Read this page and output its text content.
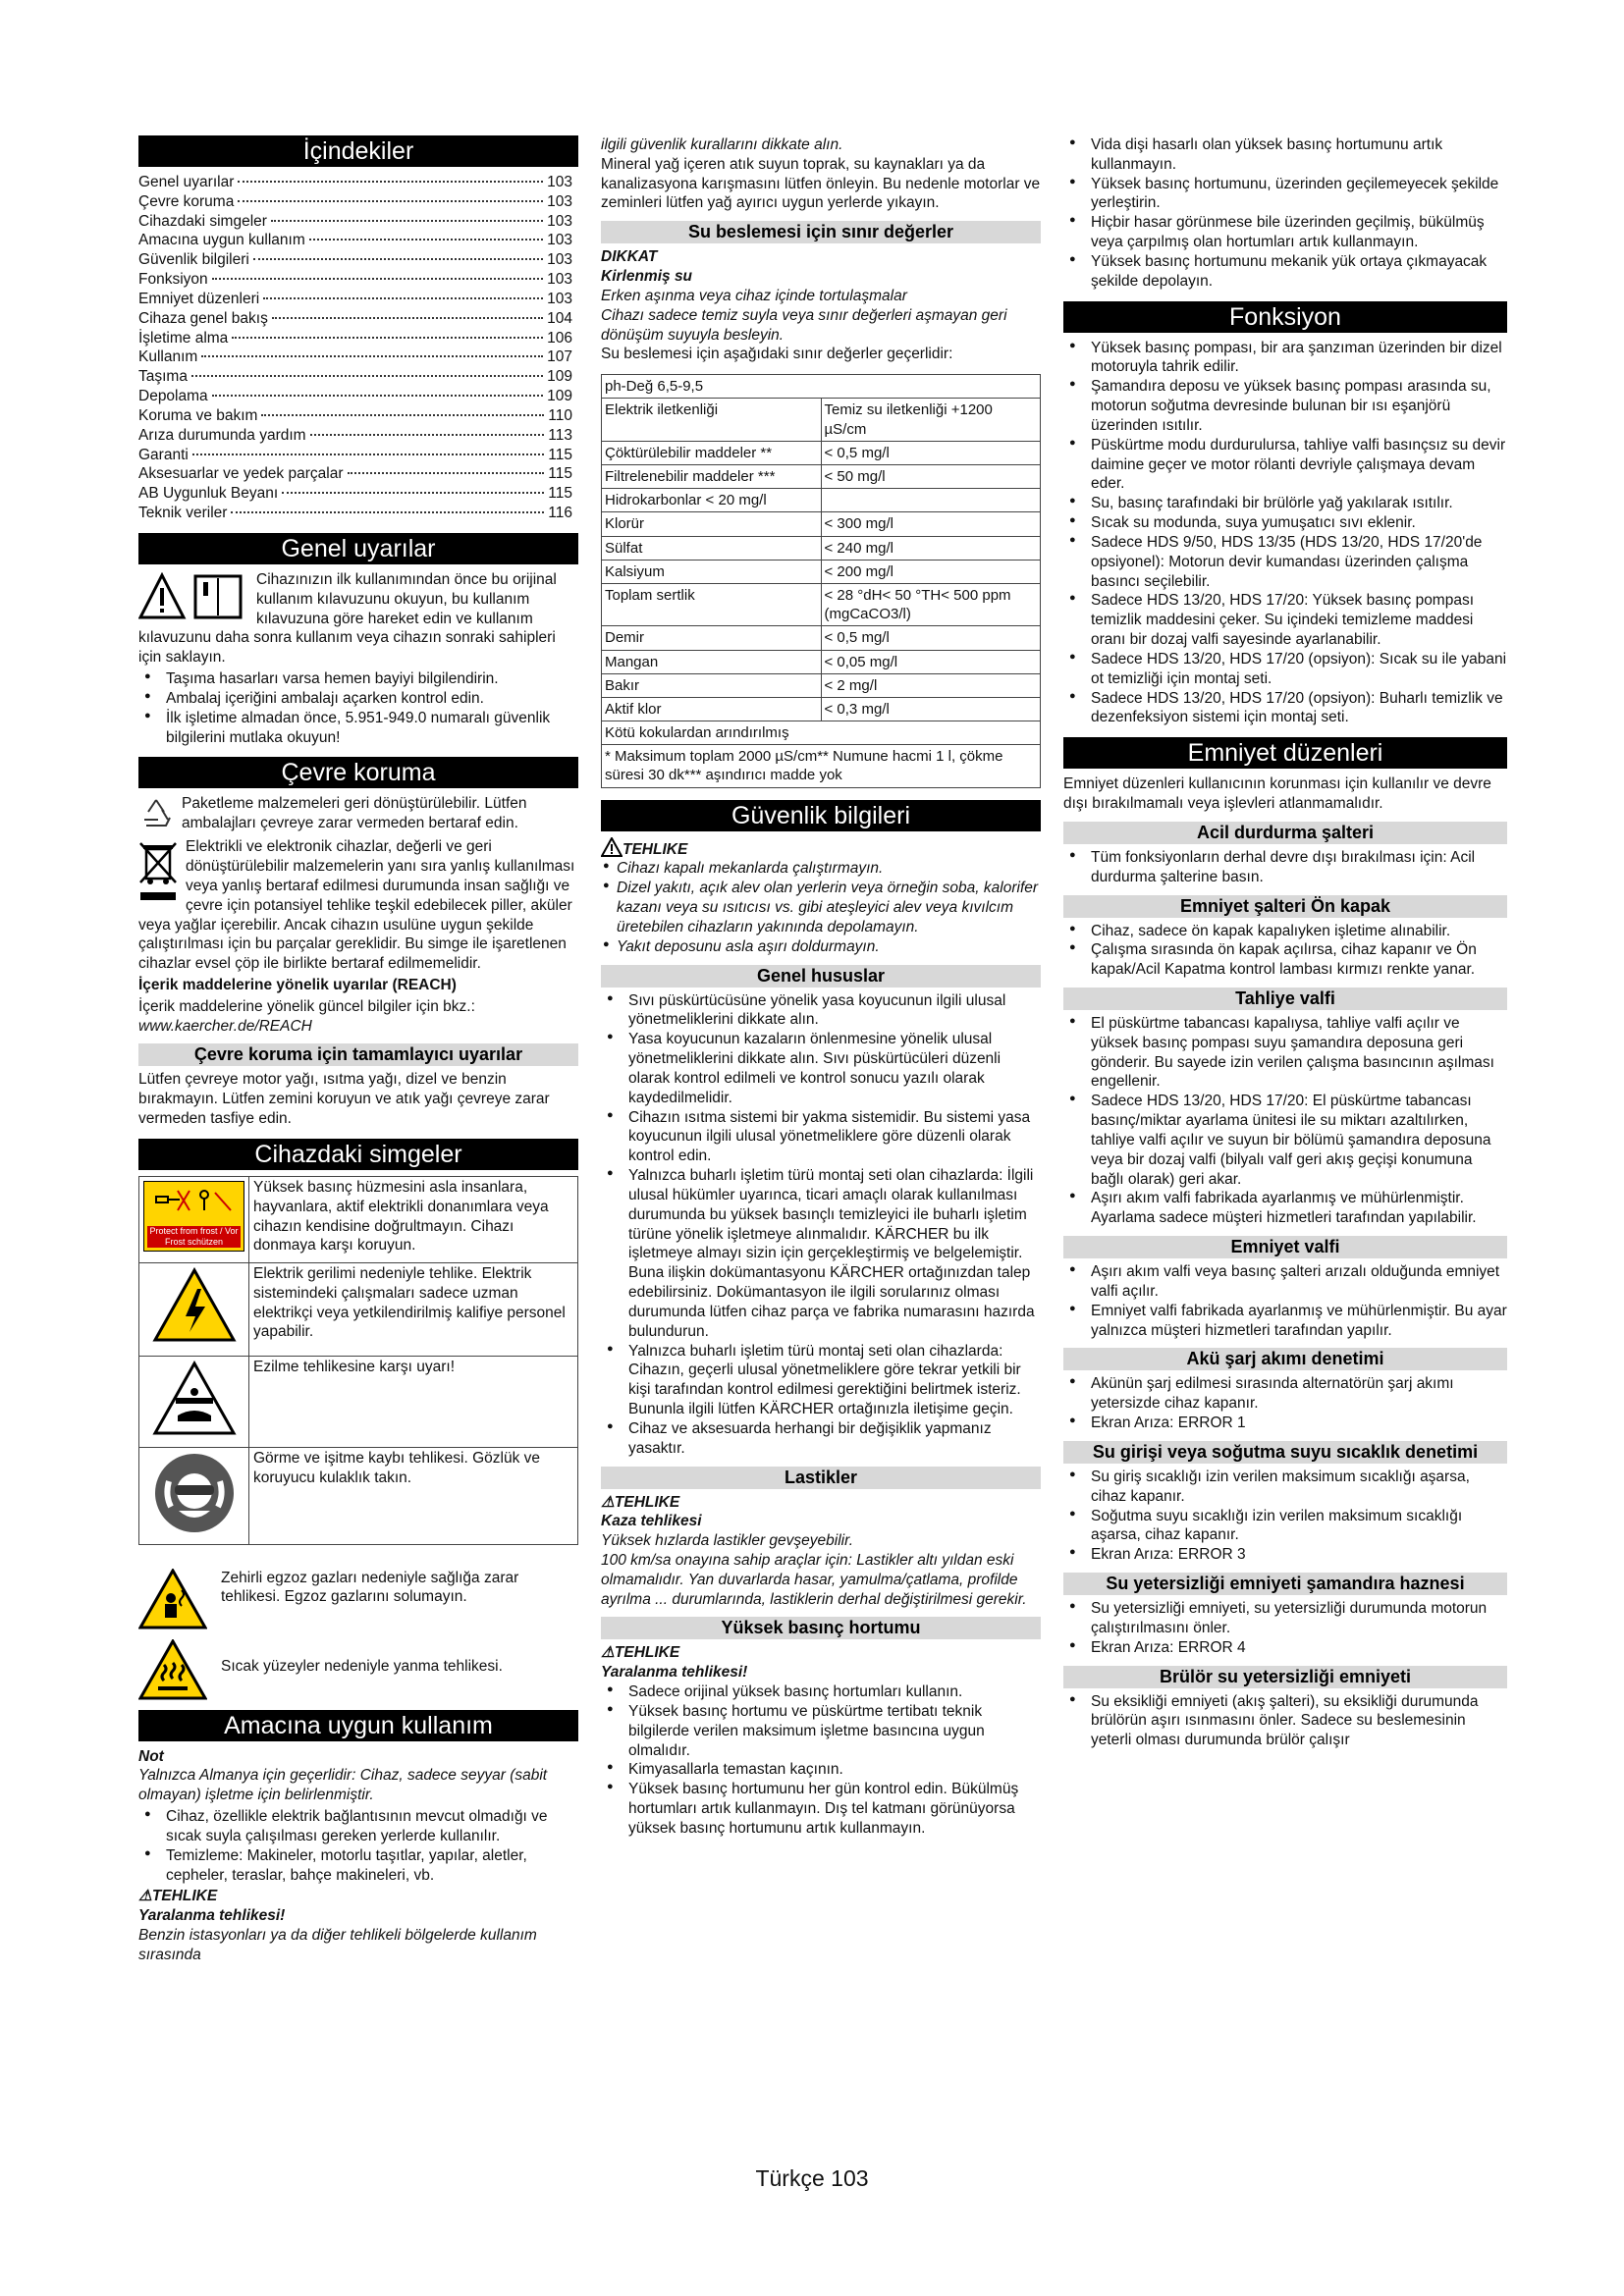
İçindekiler
Genel uyarılar	103
Çevre koruma	103
Cihazdaki simgeler	103
Amacına uygun kullanım	103
Güvenlik bilgileri	103
Fonksiyon	103
Emniyet düzenleri	103
Cihaza genel bakış	104
İşletime alma	106
Kullanım	107
Taşıma	109
Depolama	109
Koruma ve bakım	110
Arıza durumunda yardım	113
Garanti	115
Aksesuarlar ve yedek parçalar	115
AB Uygunluk Beyanı	115
Teknik veriler	116
Genel uyarılar

Cihazınızın ilk kullanımından önce bu orijinal kullanım kılavuzunu okuyun, bu kullanım kılavuzuna göre hareket edin ve kullanım kılavuzunu daha sonra kullanım veya cihazın sonraki sahipleri için saklayın.

● Taşıma hasarları varsa hemen bayiyi bilgilendirin.
● Ambalaj içeriğini ambalajı açarken kontrol edin.
● İlk işletime almadan önce, 5.951-949.0 numaralı güvenlik bilgilerini mutlaka okuyun!
Çevre koruma

Paketleme malzemeleri geri dönüştürülebilir. Lütfen ambalajları çevreye zarar vermeden bertaraf edin.

Elektrikli ve elektronik cihazlar, değerli ve geri dönüştürülebilir malzemelerin yanı sıra yanlış kullanılması veya yanlış bertaraf edilmesi durumunda insan sağlığı ve çevre için potansiyel tehlike teşkil edebilecek piller, aküler veya yağlar içerebilir. Ancak cihazın usulüne uygun şekilde çalıştırılması için bu parçalar gereklidir. Bu simge ile işaretlenen cihazlar evsel çöp ile birlikte bertaraf edilmemelidir.

İçerik maddelerine yönelik uyarılar (REACH)

İçerik maddelerine yönelik güncel bilgiler için bkz.:

www.kaercher.de/REACH

Çevre koruma için tamamlayıcı uyarılar

Lütfen çevreye motor yağı, ısıtma yağı, dizel ve benzin bırakmayın. Lütfen zemini koruyun ve atık yağı çevreye zarar vermeden tasfiye edin.

Cihazdaki simgeler
Protect from frost / Vor Frost schützen	Yüksek basınç hüzmesini asla insanlara, hayvanlara, aktif elektrikli donanımlara veya cihazın kendisine doğrultmayın. Cihazı donmaya karşı koruyun.
	Elektrik gerilimi nedeniyle tehlike. Elektrik sistemindeki çalışmaları sadece uzman elektrikçi veya yetkilendirilmiş kalifiye personel yapabilir.
	Ezilme tehlikesine karşı uyarı!
	Görme ve işitme kaybı tehlikesi. Gözlük ve koruyucu kulaklık takın.

Zehirli egzoz gazları nedeniyle sağlığa zarar tehlikesi. Egzoz gazlarını solumayın.

Sıcak yüzeyler nedeniyle yanma tehlikesi.

Amacına uygun kullanım

Not

Yalnızca Almanya için geçerlidir: Cihaz, sadece seyyar (sabit olmayan) işletme için belirlenmiştir.

● Cihaz, özellikle elektrik bağlantısının mevcut olmadığı ve sıcak suyla çalışılması gereken yerlerde kullanılır.
● Temizleme: Makineler, motorlu taşıtlar, yapılar, aletler, cepheler, teraslar, bahçe makineleri, vb.

⚠TEHLIKE

Yaralanma tehlikesi!

Benzin istasyonları ya da diğer tehlikeli bölgelerde kullanım sırasında

ilgili güvenlik kurallarını dikkate alın.

Mineral yağ içeren atık suyun toprak, su kaynakları ya da kanalizasyona karışmasını lütfen önleyin. Bu nedenle motorlar ve zeminleri lütfen yağ ayırıcı uygun yerlerde yıkayın.

Su beslemesi için sınır değerler

DIKKAT

Kirlenmiş su

Erken aşınma veya cihaz içinde tortulaşmalar

Cihazı sadece temiz suyla veya sınır değerleri aşmayan geri dönüşüm suyuyla besleyin.

Su beslemesi için aşağıdaki sınır değerler geçerlidir:

ph-Değ 6,5-9,5	
Elektrik iletkenliği	Temiz su iletkenliği +1200 µS/cm
Çöktürülebilir maddeler **	< 0,5 mg/l
Filtrelenebilir maddeler ***	< 50 mg/l
Hidrokarbonlar < 20 mg/l	
Klorür	< 300 mg/l
Sülfat	< 240 mg/l
Kalsiyum	< 200 mg/l
Toplam sertlik	< 28 °dH< 50 °TH< 500 ppm (mgCaCO3/l)
Demir	< 0,5 mg/l
Mangan	< 0,05 mg/l
Bakır	< 2 mg/l
Aktif klor	< 0,3 mg/l
Kötü kokulardan arındırılmış	
* Maksimum toplam 2000 µS/cm** Numune hacmi 1 l, çökme süresi 30 dk*** aşındırıcı madde yok	
Güvenlik bilgileri

TEHLIKE

● Cihazı kapalı mekanlarda çalıştırmayın.
● Dizel yakıtı, açık alev olan yerlerin veya örneğin soba, kalorifer kazanı veya su ısıtıcısı vs. gibi ateşleyici alev veya kıvılcım üretebilen cihazların yakınında depolamayın.
● Yakıt deposunu asla aşırı doldurmayın.
Genel hususlar
● Sıvı püskürtücüsüne yönelik yasa koyucunun ilgili ulusal yönetmeliklerini dikkate alın.
● Yasa koyucunun kazaların önlenmesine yönelik ulusal yönetmeliklerini dikkate alın. Sıvı püskürtücüleri düzenli olarak kontrol edilmeli ve kontrol sonucu yazılı olarak kaydedilmelidir.
● Cihazın ısıtma sistemi bir yakma sistemidir. Bu sistemi yasa koyucunun ilgili ulusal yönetmeliklere göre düzenli olarak kontrol edin.
● Yalnızca buharlı işletim türü montaj seti olan cihazlarda: İlgili ulusal hükümler uyarınca, ticari amaçlı olarak kullanılması durumunda bu yüksek basınçlı temizleyici ile buharlı işletim türüne yönelik işletmeye alınmalıdır. KÄRCHER bu ilk işletmeye almayı sizin için gerçekleştirmiş ve belgelemiştir. Buna ilişkin dokümantasyonu KÄRCHER ortağınızdan talep edebilirsiniz. Dokümantasyon ile ilgili sorularınız olması durumunda lütfen cihaz parça ve fabrika numarasını hazırda bulundurun.
● Yalnızca buharlı işletim türü montaj seti olan cihazlarda: Cihazın, geçerli ulusal yönetmeliklere göre tekrar yetkili bir kişi tarafından kontrol edilmesi gerektiğini belirtmek isteriz. Bununla ilgili lütfen KÄRCHER ortağınızla iletişime geçin.
● Cihaz ve aksesuarda herhangi bir değişiklik yapmanız yasaktır.
Lastikler

⚠TEHLIKE

Kaza tehlikesi

Yüksek hızlarda lastikler gevşeyebilir.

100 km/sa onayına sahip araçlar için: Lastikler altı yıldan eski olmamalıdır. Yan duvarlarda hasar, yamulma/çatlama, profilde ayrılma ... durumlarında, lastiklerin derhal değiştirilmesi gerekir.

Yüksek basınç hortumu

⚠TEHLIKE

Yaralanma tehlikesi!

● Sadece orijinal yüksek basınç hortumları kullanın.
● Yüksek basınç hortumu ve püskürtme tertibatı teknik bilgilerde verilen maksimum işletme basıncına uygun olmalıdır.
● Kimyasallarla temastan kaçının.
● Yüksek basınç hortumunu her gün kontrol edin. Bükülmüş hortumları artık kullanmayın. Dış tel katmanı görünüyorsa yüksek basınç hortumunu artık kullanmayın.
● Vida dişi hasarlı olan yüksek basınç hortumunu artık kullanmayın.
● Yüksek basınç hortumunu, üzerinden geçilemeyecek şekilde yerleştirin.
● Hiçbir hasar görünmese bile üzerinden geçilmiş, bükülmüş veya çarpılmış olan hortumları artık kullanmayın.
● Yüksek basınç hortumunu mekanik yük ortaya çıkmayacak şekilde depolayın.
Fonksiyon
● Yüksek basınç pompası, bir ara şanzıman üzerinden bir dizel motoruyla tahrik edilir.
● Şamandıra deposu ve yüksek basınç pompası arasında su, motorun soğutma devresinde bulunan bir ısı eşanjörü üzerinden ısıtılır.
● Püskürtme modu durdurulursa, tahliye valfi basınçsız su devir daimine geçer ve motor rölanti devriyle çalışmaya devam eder.
● Su, basınç tarafındaki bir brülörle yağ yakılarak ısıtılır.
● Sıcak su modunda, suya yumuşatıcı sıvı eklenir.
● Sadece HDS 9/50, HDS 13/35 (HDS 13/20, HDS 17/20'de opsiyonel): Motorun devir kumandası üzerinden çalışma basıncı seçilebilir.
● Sadece HDS 13/20, HDS 17/20: Yüksek basınç pompası temizlik maddesini çeker. Su içindeki temizleme maddesi oranı bir dozaj valfi sayesinde ayarlanabilir.
● Sadece HDS 13/20, HDS 17/20 (opsiyon): Sıcak su ile yabani ot temizliği için montaj seti.
● Sadece HDS 13/20, HDS 17/20 (opsiyon): Buharlı temizlik ve dezenfeksiyon sistemi için montaj seti.
Emniyet düzenleri

Emniyet düzenleri kullanıcının korunması için kullanılır ve devre dışı bırakılmamalı veya işlevleri atlanmamalıdır.

Acil durdurma şalteri
● Tüm fonksiyonların derhal devre dışı bırakılması için: Acil durdurma şalterine basın.
Emniyet şalteri Ön kapak
● Cihaz, sadece ön kapak kapalıyken işletime alınabilir.
● Çalışma sırasında ön kapak açılırsa, cihaz kapanır ve Ön kapak/Acil Kapatma kontrol lambası kırmızı renkte yanar.
Tahliye valfi
● El püskürtme tabancası kapalıysa, tahliye valfi açılır ve yüksek basınç pompası suyu şamandıra deposuna geri gönderir. Bu sayede izin verilen çalışma basıncının aşılması engellenir.
● Sadece HDS 13/20, HDS 17/20: El püskürtme tabancası basınç/miktar ayarlama ünitesi ile su miktarı azaltılırken, tahliye valfi açılır ve suyun bir bölümü şamandıra deposuna veya bir dozaj valfi (bilyalı valf geri akış geçişi konumuna bağlı olarak) geri akar.
● Aşırı akım valfi fabrikada ayarlanmış ve mühürlenmiştir. Ayarlama sadece müşteri hizmetleri tarafından yapılabilir.
Emniyet valfi
● Aşırı akım valfi veya basınç şalteri arızalı olduğunda emniyet valfi açılır.
● Emniyet valfi fabrikada ayarlanmış ve mühürlenmiştir. Bu ayar yalnızca müşteri hizmetleri tarafından yapılır.
Akü şarj akımı denetimi
● Akünün şarj edilmesi sırasında alternatörün şarj akımı yetersizde cihaz kapanır.
● Ekran Arıza: ERROR 1
Su girişi veya soğutma suyu sıcaklık denetimi
● Su giriş sıcaklığı izin verilen maksimum sıcaklığı aşarsa, cihaz kapanır.
● Soğutma suyu sıcaklığı izin verilen maksimum sıcaklığı aşarsa, cihaz kapanır.
● Ekran Arıza: ERROR 3
Su yetersizliği emniyeti şamandıra haznesi
● Su yetersizliği emniyeti, su yetersizliği durumunda motorun çalıştırılmasını önler.
● Ekran Arıza: ERROR 4
Brülör su yetersizliği emniyeti
● Su eksikliği emniyeti (akış şalteri), su eksikliği durumunda brülörün aşırı ısınmasını önler. Sadece su beslemesinin yeterli olması durumunda brülör çalışır
Türkçe 103
